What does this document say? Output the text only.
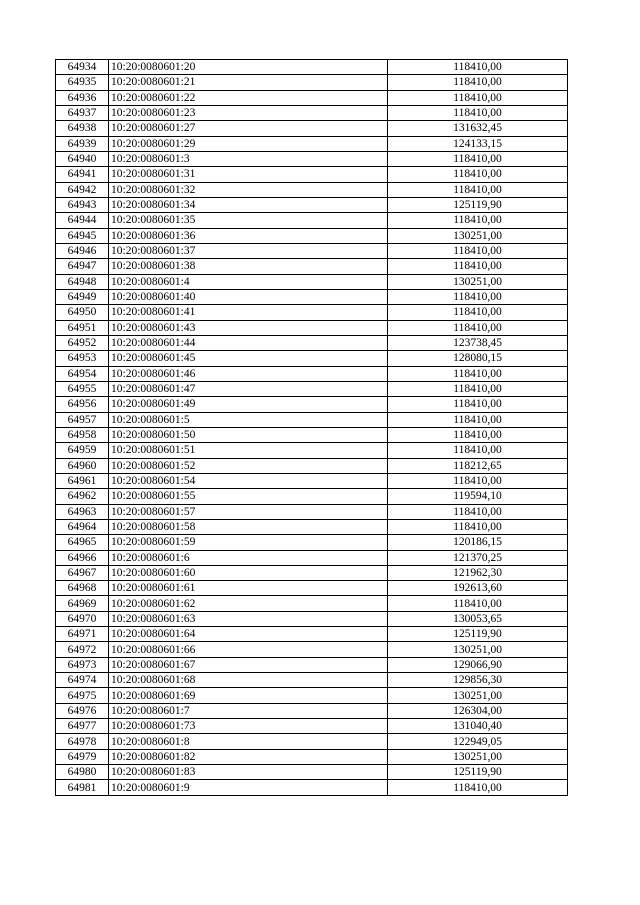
64934	10:20:0080601:20	118410,00
64935	10:20:0080601:21	118410,00
64936	10:20:0080601:22	118410,00
64937	10:20:0080601:23	118410,00
64938	10:20:0080601:27	131632,45
64939	10:20:0080601:29	124133,15
64940	10:20:0080601:3	118410,00
64941	10:20:0080601:31	118410,00
64942	10:20:0080601:32	118410,00
64943	10:20:0080601:34	125119,90
64944	10:20:0080601:35	118410,00
64945	10:20:0080601:36	130251,00
64946	10:20:0080601:37	118410,00
64947	10:20:0080601:38	118410,00
64948	10:20:0080601:4	130251,00
64949	10:20:0080601:40	118410,00
64950	10:20:0080601:41	118410,00
64951	10:20:0080601:43	118410,00
64952	10:20:0080601:44	123738,45
64953	10:20:0080601:45	128080,15
64954	10:20:0080601:46	118410,00
64955	10:20:0080601:47	118410,00
64956	10:20:0080601:49	118410,00
64957	10:20:0080601:5	118410,00
64958	10:20:0080601:50	118410,00
64959	10:20:0080601:51	118410,00
64960	10:20:0080601:52	118212,65
64961	10:20:0080601:54	118410,00
64962	10:20:0080601:55	119594,10
64963	10:20:0080601:57	118410,00
64964	10:20:0080601:58	118410,00
64965	10:20:0080601:59	120186,15
64966	10:20:0080601:6	121370,25
64967	10:20:0080601:60	121962,30
64968	10:20:0080601:61	192613,60
64969	10:20:0080601:62	118410,00
64970	10:20:0080601:63	130053,65
64971	10:20:0080601:64	125119,90
64972	10:20:0080601:66	130251,00
64973	10:20:0080601:67	129066,90
64974	10:20:0080601:68	129856,30
64975	10:20:0080601:69	130251,00
64976	10:20:0080601:7	126304,00
64977	10:20:0080601:73	131040,40
64978	10:20:0080601:8	122949,05
64979	10:20:0080601:82	130251,00
64980	10:20:0080601:83	125119,90
64981	10:20:0080601:9	118410,00
